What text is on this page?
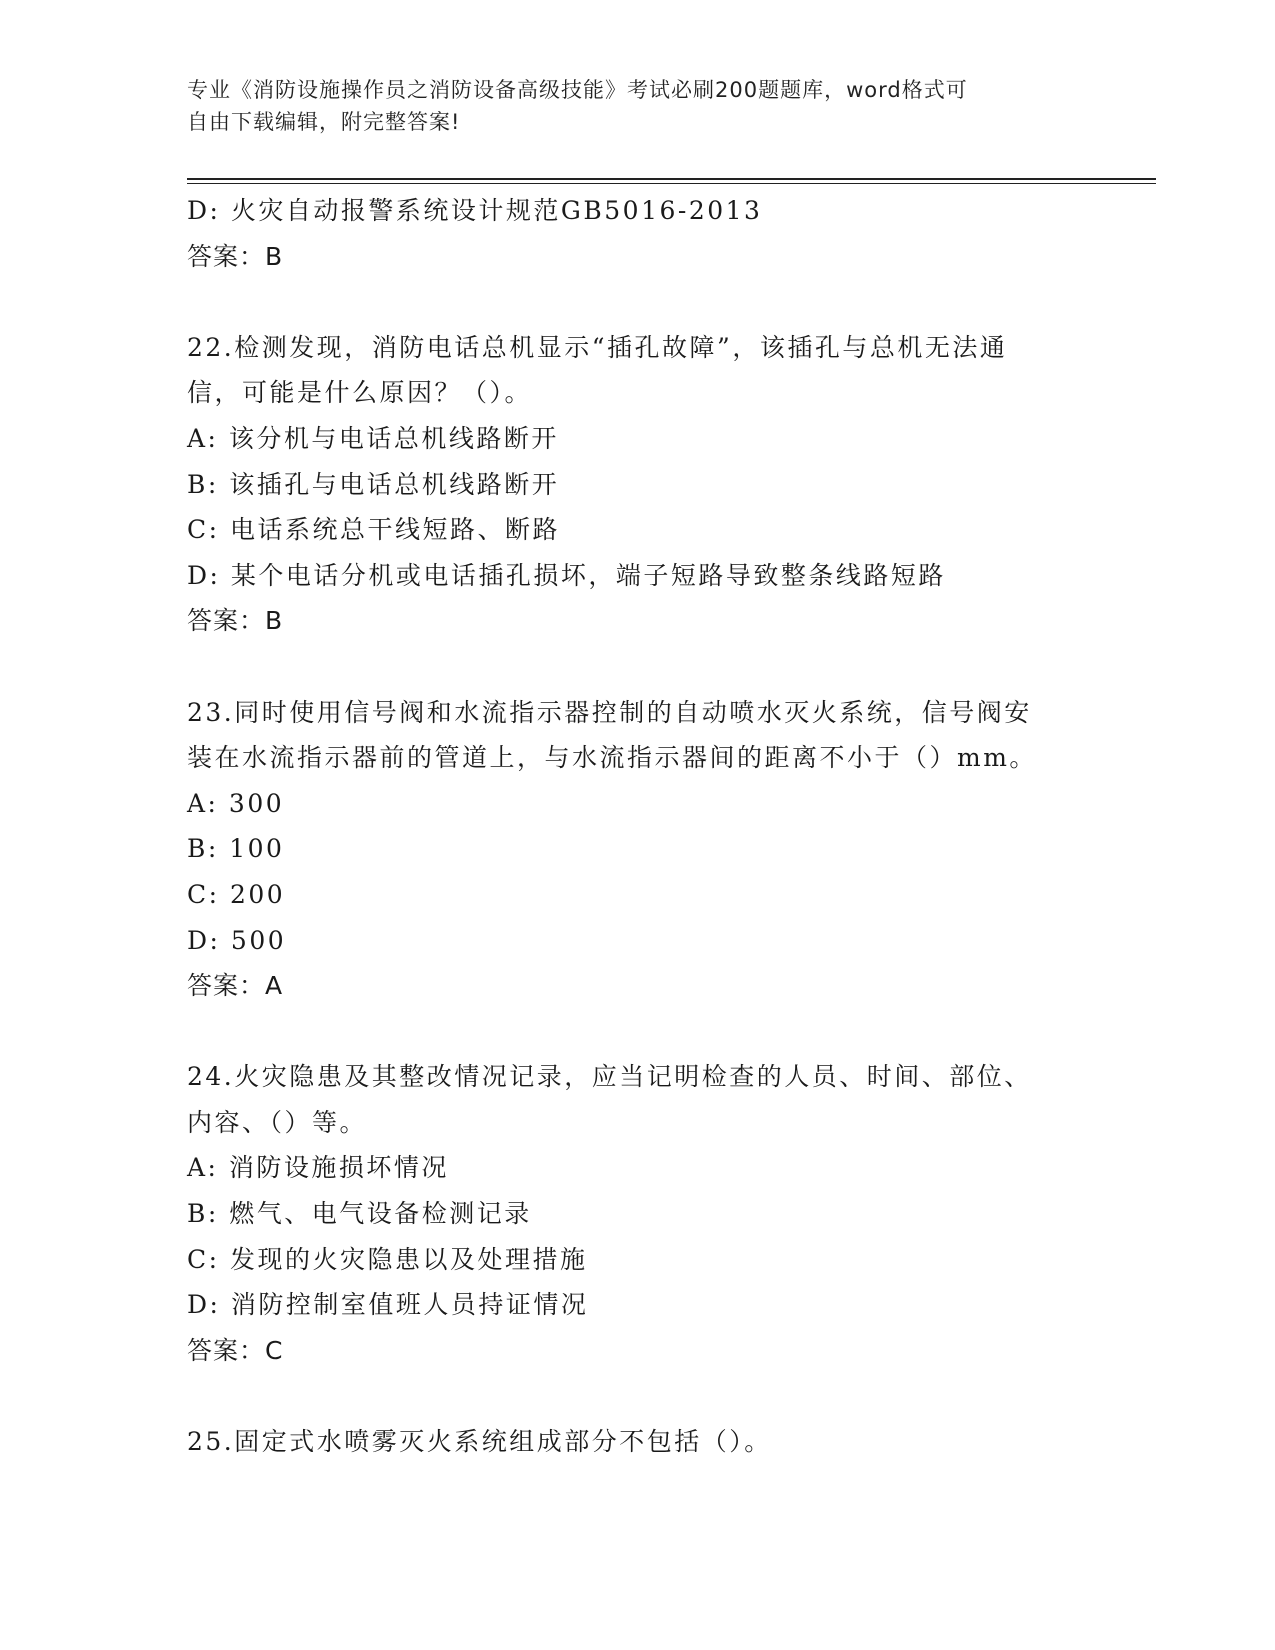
专业《消防设施操作员之消防设备高级技能》考试必刷200题题库，word格式可
自由下载编辑，附完整答案!
D: 火灾自动报警系统设计规范GB5016-2013
答案：B
22.检测发现，消防电话总机显示“插孔故障”，该插孔与总机无法通
信，可能是什么原因？（）。
A: 该分机与电话总机线路断开
B: 该插孔与电话总机线路断开
C: 电话系统总干线短路、断路
D: 某个电话分机或电话插孔损坏，端子短路导致整条线路短路
答案：B
23.同时使用信号阀和水流指示器控制的自动喷水灭火系统，信号阀安
装在水流指示器前的管道上，与水流指示器间的距离不小于（）mm。
A: 300
B: 100
C: 200
D: 500
答案：A
24.火灾隐患及其整改情况记录，应当记明检查的人员、时间、部位、
内容、（）等。
A: 消防设施损坏情况
B: 燃气、电气设备检测记录
C: 发现的火灾隐患以及处理措施
D: 消防控制室值班人员持证情况
答案：C
25.固定式水喷雾灭火系统组成部分不包括（）。
